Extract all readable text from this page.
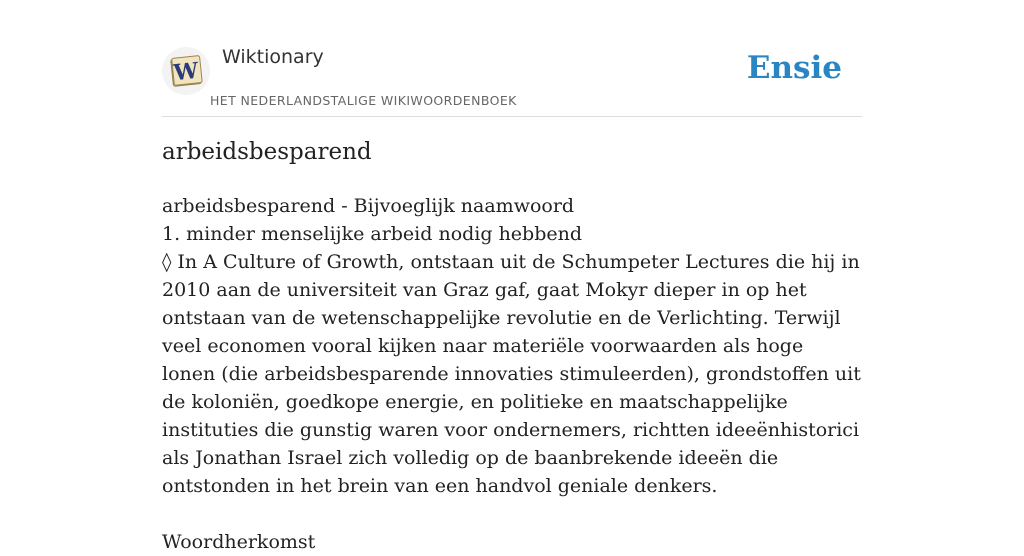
W
Wiktionary
HET NEDERLANDSTALIGE WIKIWOORDENBOEK
Ensie
arbeidsbesparend

arbeidsbesparend - Bijvoeglijk naamwoord

1. minder menselijke arbeid nodig hebbend

◊ In A Culture of Growth, ontstaan uit de Schumpeter Lectures die hij in 2010 aan de universiteit van Graz gaf, gaat Mokyr dieper in op het ontstaan van de wetenschappelijke revolutie en de Verlichting. Terwijl veel economen vooral kijken naar materiële voorwaarden als hoge lonen (die arbeidsbesparende innovaties stimuleerden), grondstoffen uit de koloniën, goedkope energie, en politieke en maatschappelijke instituties die gunstig waren voor ondernemers, richtten ideeënhistorici als Jonathan Israel zich volledig op de baanbrekende ideeën die ontstonden in het brein van een handvol geniale denkers.

Woordherkomst
